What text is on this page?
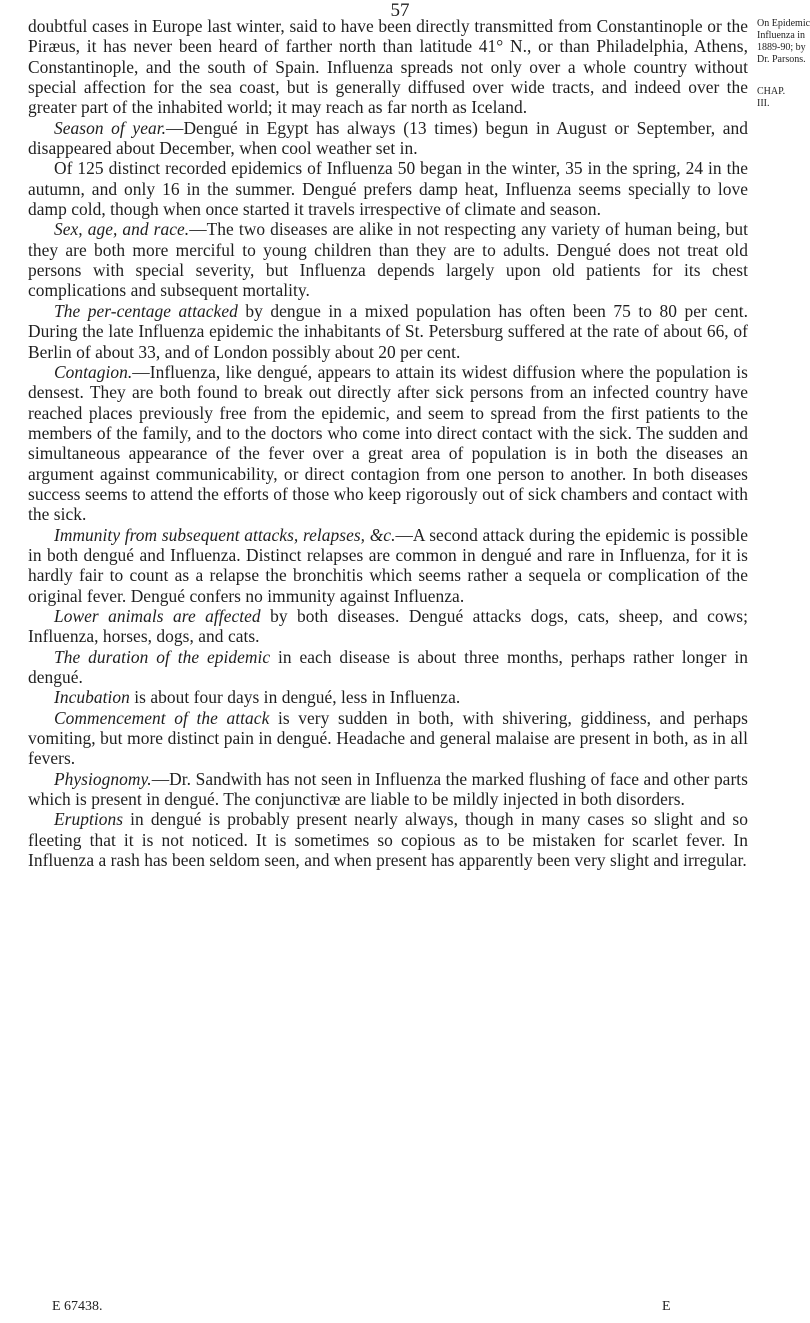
57
On Epidemic
Influenza in
1889-90; by
Dr. Parsons.
CHAP. III.

doubtful cases in Europe last winter, said to have been directly transmitted from Constantinople or the Piræus, it has never been heard of farther north than latitude 41° N., or than Philadelphia, Athens, Constantinople, and the south of Spain. Influenza spreads not only over a whole country without special affection for the sea coast, but is generally diffused over wide tracts, and indeed over the greater part of the inhabited world; it may reach as far north as Iceland.

Season of year.—Dengué in Egypt has always (13 times) begun in August or September, and disappeared about December, when cool weather set in.

Of 125 distinct recorded epidemics of Influenza 50 began in the winter, 35 in the spring, 24 in the autumn, and only 16 in the summer. Dengué prefers damp heat, Influenza seems specially to love damp cold, though when once started it travels irrespective of climate and season.

Sex, age, and race.—The two diseases are alike in not respecting any variety of human being, but they are both more merciful to young children than they are to adults. Dengué does not treat old persons with special severity, but Influenza depends largely upon old patients for its chest complications and subsequent mortality.

The per-centage attacked by dengue in a mixed population has often been 75 to 80 per cent. During the late Influenza epidemic the inhabitants of St. Petersburg suffered at the rate of about 66, of Berlin of about 33, and of London possibly about 20 per cent.

Contagion.—Influenza, like dengué, appears to attain its widest diffusion where the population is densest. They are both found to break out directly after sick persons from an infected country have reached places previously free from the epidemic, and seem to spread from the first patients to the members of the family, and to the doctors who come into direct contact with the sick. The sudden and simultaneous appearance of the fever over a great area of population is in both the diseases an argument against communicability, or direct contagion from one person to another. In both diseases success seems to attend the efforts of those who keep rigorously out of sick chambers and contact with the sick.

Immunity from subsequent attacks, relapses, &c.—A second attack during the epidemic is possible in both dengué and Influenza. Distinct relapses are common in dengué and rare in Influenza, for it is hardly fair to count as a relapse the bronchitis which seems rather a sequela or complication of the original fever. Dengué confers no immunity against Influenza.

Lower animals are affected by both diseases. Dengué attacks dogs, cats, sheep, and cows; Influenza, horses, dogs, and cats.

The duration of the epidemic in each disease is about three months, perhaps rather longer in dengué.

Incubation is about four days in dengué, less in Influenza.

Commencement of the attack is very sudden in both, with shivering, giddiness, and perhaps vomiting, but more distinct pain in dengué. Headache and general malaise are present in both, as in all fevers.

Physiognomy.—Dr. Sandwith has not seen in Influenza the marked flushing of face and other parts which is present in dengué. The conjunctivæ are liable to be mildly injected in both disorders.

Eruptions in dengué is probably present nearly always, though in many cases so slight and so fleeting that it is not noticed. It is sometimes so copious as to be mistaken for scarlet fever. In Influenza a rash has been seldom seen, and when present has apparently been very slight and irregular.

E 67438.	E
